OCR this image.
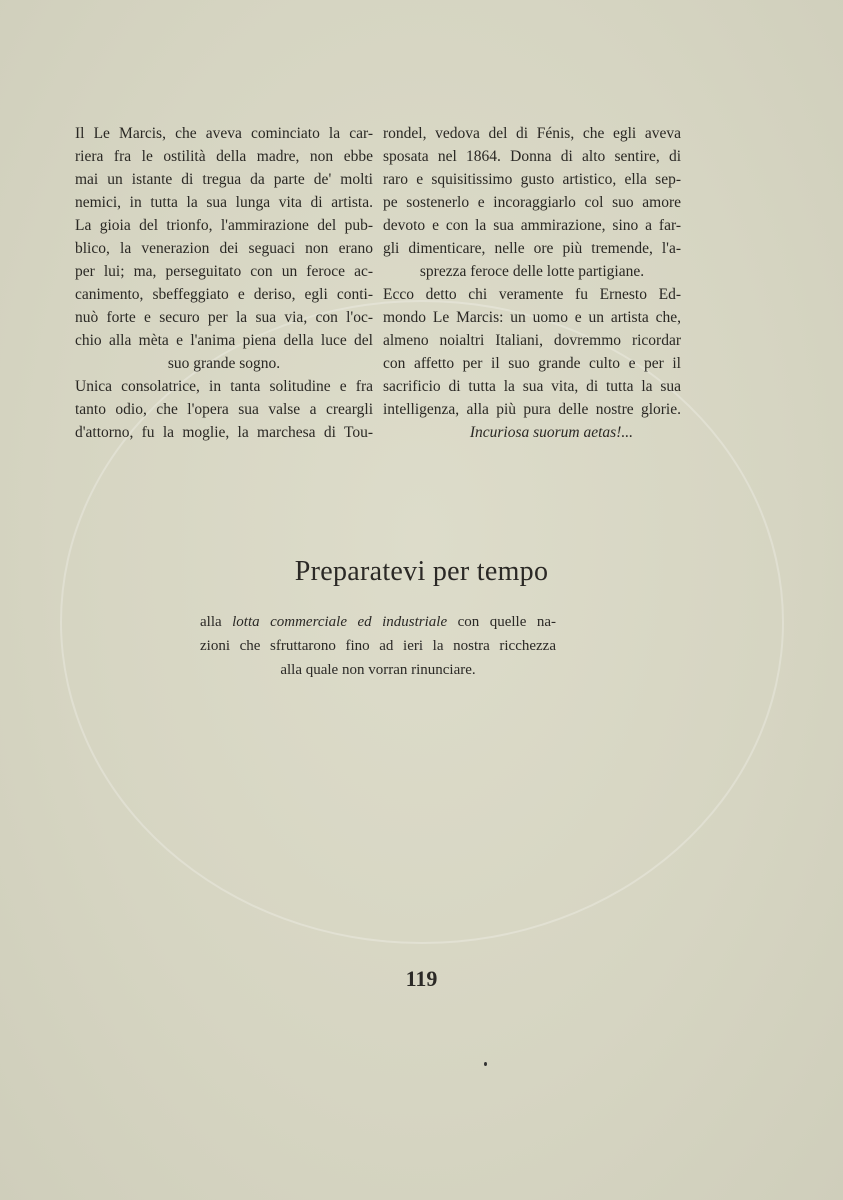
Il Le Marcis, che aveva cominciato la car-
riera fra le ostilità della madre, non ebbe
mai un istante di tregua da parte de' molti
nemici, in tutta la sua lunga vita di artista.
La gioia del trionfo, l'ammirazione del pub-
blico, la venerazion dei seguaci non erano
per lui; ma, perseguitato con un feroce ac-
canimento, sbeffeggiato e deriso, egli conti-
nuò forte e securo per la sua via, con l'oc-
chio alla mèta e l'anima piena della luce del
suo grande sogno.
Unica consolatrice, in tanta solitudine e fra
tanto odio, che l'opera sua valse a creargli
d'attorno, fu la moglie, la marchesa di Tou-
rondel, vedova del di Fénis, che egli aveva
sposata nel 1864. Donna di alto sentire, di
raro e squisitissimo gusto artistico, ella sep-
pe sostenerlo e incoraggiarlo col suo amore
devoto e con la sua ammirazione, sino a far-
gli dimenticare, nelle ore più tremende, l'a-
sprezza feroce delle lotte partigiane.
Ecco detto chi veramente fu Ernesto Ed-
mondo Le Marcis: un uomo e un artista che,
almeno noialtri Italiani, dovremmo ricordar
con affetto per il suo grande culto e per il
sacrificio di tutta la sua vita, di tutta la sua
intelligenza, alla più pura delle nostre glorie.
Incuriosa suorum aetas!...
Preparatevi per tempo
alla lotta commerciale ed industriale con quelle na-
zioni che sfruttarono fino ad ieri la nostra ricchezza
alla quale non vorran rinunciare.
119
